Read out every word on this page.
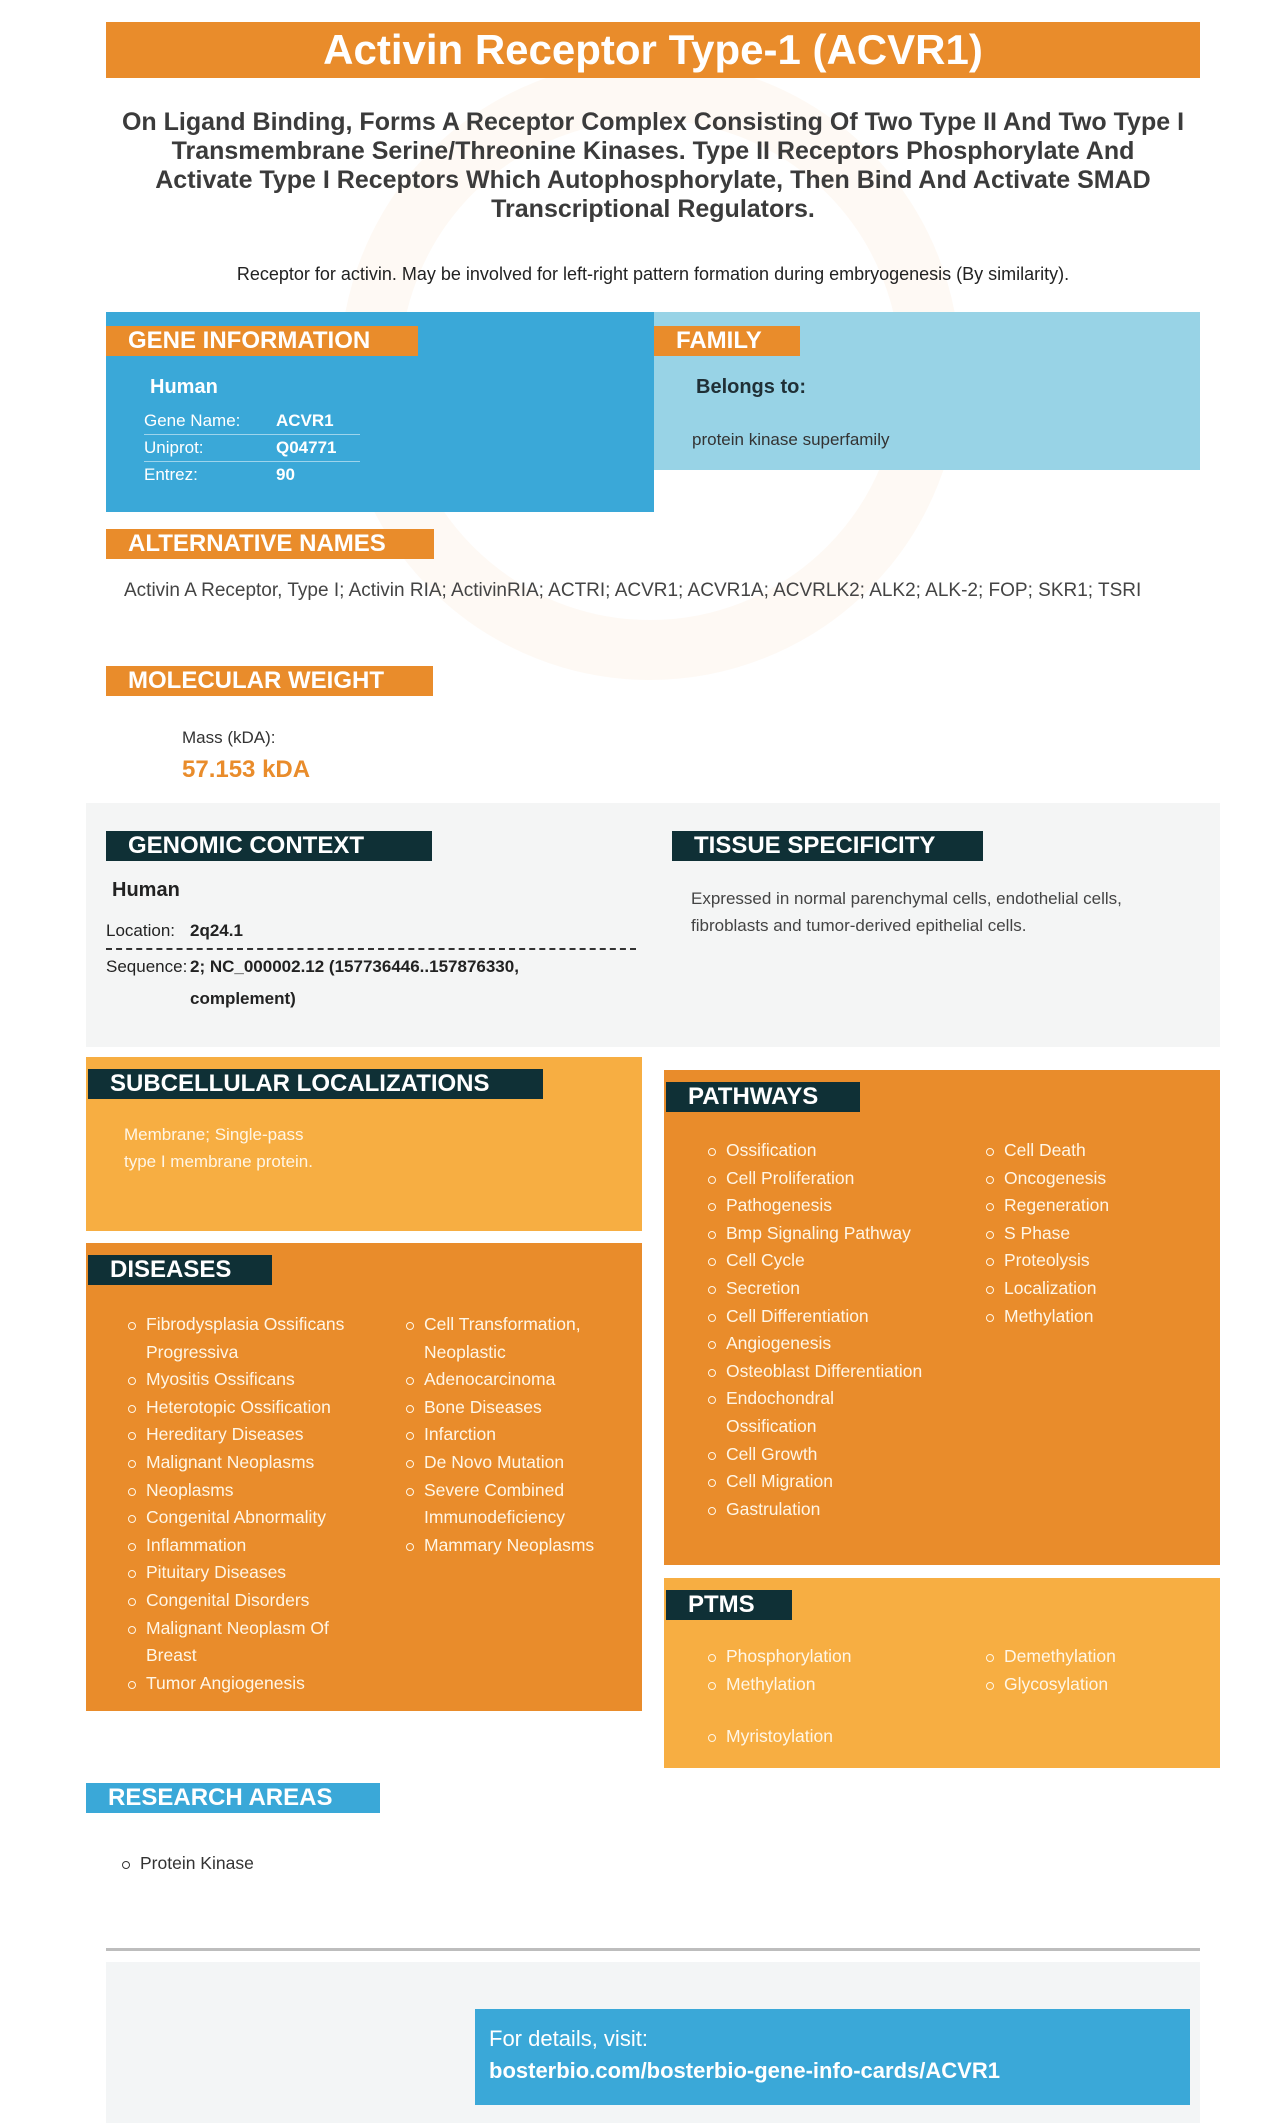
Activin Receptor Type-1 (ACVR1)
On Ligand Binding, Forms A Receptor Complex Consisting Of Two Type II And Two Type I Transmembrane Serine/Threonine Kinases. Type II Receptors Phosphorylate And Activate Type I Receptors Which Autophosphorylate, Then Bind And Activate SMAD Transcriptional Regulators.
Receptor for activin. May be involved for left-right pattern formation during embryogenesis (By similarity).
GENE INFORMATION
Human
Gene Name:	ACVR1
Uniprot:	Q04771
Entrez:	90
FAMILY
Belongs to:
protein kinase superfamily
ALTERNATIVE NAMES
Activin A Receptor, Type I; Activin RIA; ActivinRIA; ACTRI; ACVR1; ACVR1A; ACVRLK2; ALK2; ALK-2; FOP; SKR1; TSRI
MOLECULAR WEIGHT
Mass (kDA):
57.153 kDA
GENOMIC CONTEXT
Human
Location: 2q24.1
Sequence: 2; NC_000002.12 (157736446..157876330,
complement)
TISSUE SPECIFICITY
Expressed in normal parenchymal cells, endothelial cells, fibroblasts and tumor-derived epithelial cells.
SUBCELLULAR LOCALIZATIONS
Membrane; Single-pass
type I membrane protein.
DISEASES
Fibrodysplasia Ossificans Progressiva
Myositis Ossificans
Heterotopic Ossification
Hereditary Diseases
Malignant Neoplasms
Neoplasms
Congenital Abnormality
Inflammation
Pituitary Diseases
Congenital Disorders
Malignant Neoplasm Of Breast
Tumor Angiogenesis
Cell Transformation, Neoplastic
Adenocarcinoma
Bone Diseases
Infarction
De Novo Mutation
Severe Combined Immunodeficiency
Mammary Neoplasms
PATHWAYS
Ossification
Cell Proliferation
Pathogenesis
Bmp Signaling Pathway
Cell Cycle
Secretion
Cell Differentiation
Angiogenesis
Osteoblast Differentiation
Endochondral Ossification
Cell Growth
Cell Migration
Gastrulation
Cell Death
Oncogenesis
Regeneration
S Phase
Proteolysis
Localization
Methylation
PTMS
Phosphorylation
Methylation
Demethylation
Glycosylation
Myristoylation
RESEARCH AREAS
Protein Kinase
For details, visit:
bosterbio.com/bosterbio-gene-info-cards/ACVR1
